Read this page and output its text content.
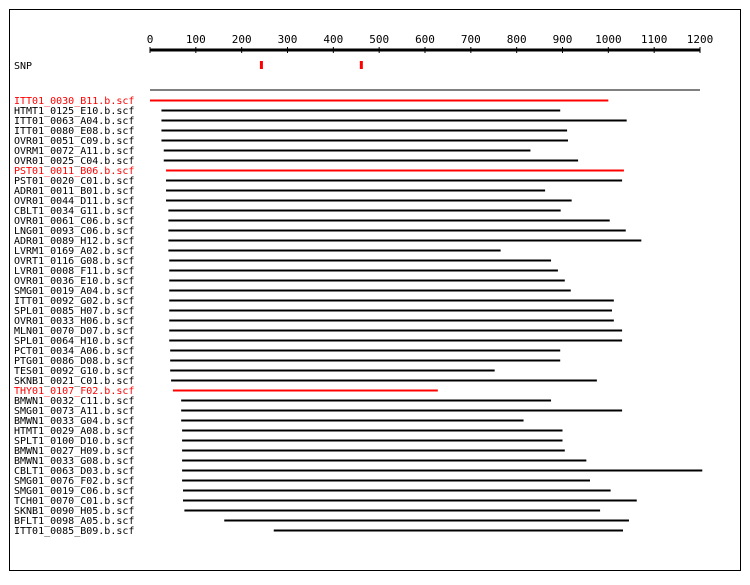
0	100 200 300 400 500 600 700 800 900 1000 1100 1200
SNP
ITT01_0030_B11.b.scf
HTMT1_0125_E10.b.scf
ITT01_0063_A04.b.scf
ITT01_0080_E08.b.scf
OVR01_0051_C09.b.scf
OVRM1_0072_A11.b.scf
OVR01_0025_C04.b.scf
PST01_0011_B06.b.scf
PST01_0020_C01.b.scf
ADR01_0011_B01.b.scf
OVR01_0044_D11.b.scf
CBLT1_0034_G11.b.scf
OVR01_0061_C06.b.scf
LNG01_0093_C06.b.scf
ADR01_0089_H12.b.scf
LVRM1_0169_A02.b.scf
OVRT1_0116_G08.b.scf
LVR01_0008_F11.b.scf
OVR01_0036_E10.b.scf
SMG01_0019_A04.b.scf
ITT01_0092_G02.b.scf
SPL01_0085_H07.b.scf
OVR01_0033_H06.b.scf
MLN01_0070_D07.b.scf
SPL01_0064_H10.b.scf
PCT01_0034_A06.b.scf
PTG01_0086_D08.b.scf
TES01_0092_G10.b.scf
SKNB1_0021_C01.b.scf
THY01_0107_F02.b.scf
BMWN1_0032_C11.b.scf
SMG01_0073_A11.b.scf
BMWN1_0033_G04.b.scf
HTMT1_0029_A08.b.scf
SPLT1_0100_D10.b.scf
BMWN1_0027_H09.b.scf
BMWN1_0033_G08.b.scf
CBLT1_0063_D03.b.scf
SMG01_0076_F02.b.scf
SMG01_0019_C06.b.scf
TCH01_0070_C01.b.scf
SKNB1_0090_H05.b.scf
BFLT1_0098_A05.b.scf
ITT01_0085_B09.b.scf
